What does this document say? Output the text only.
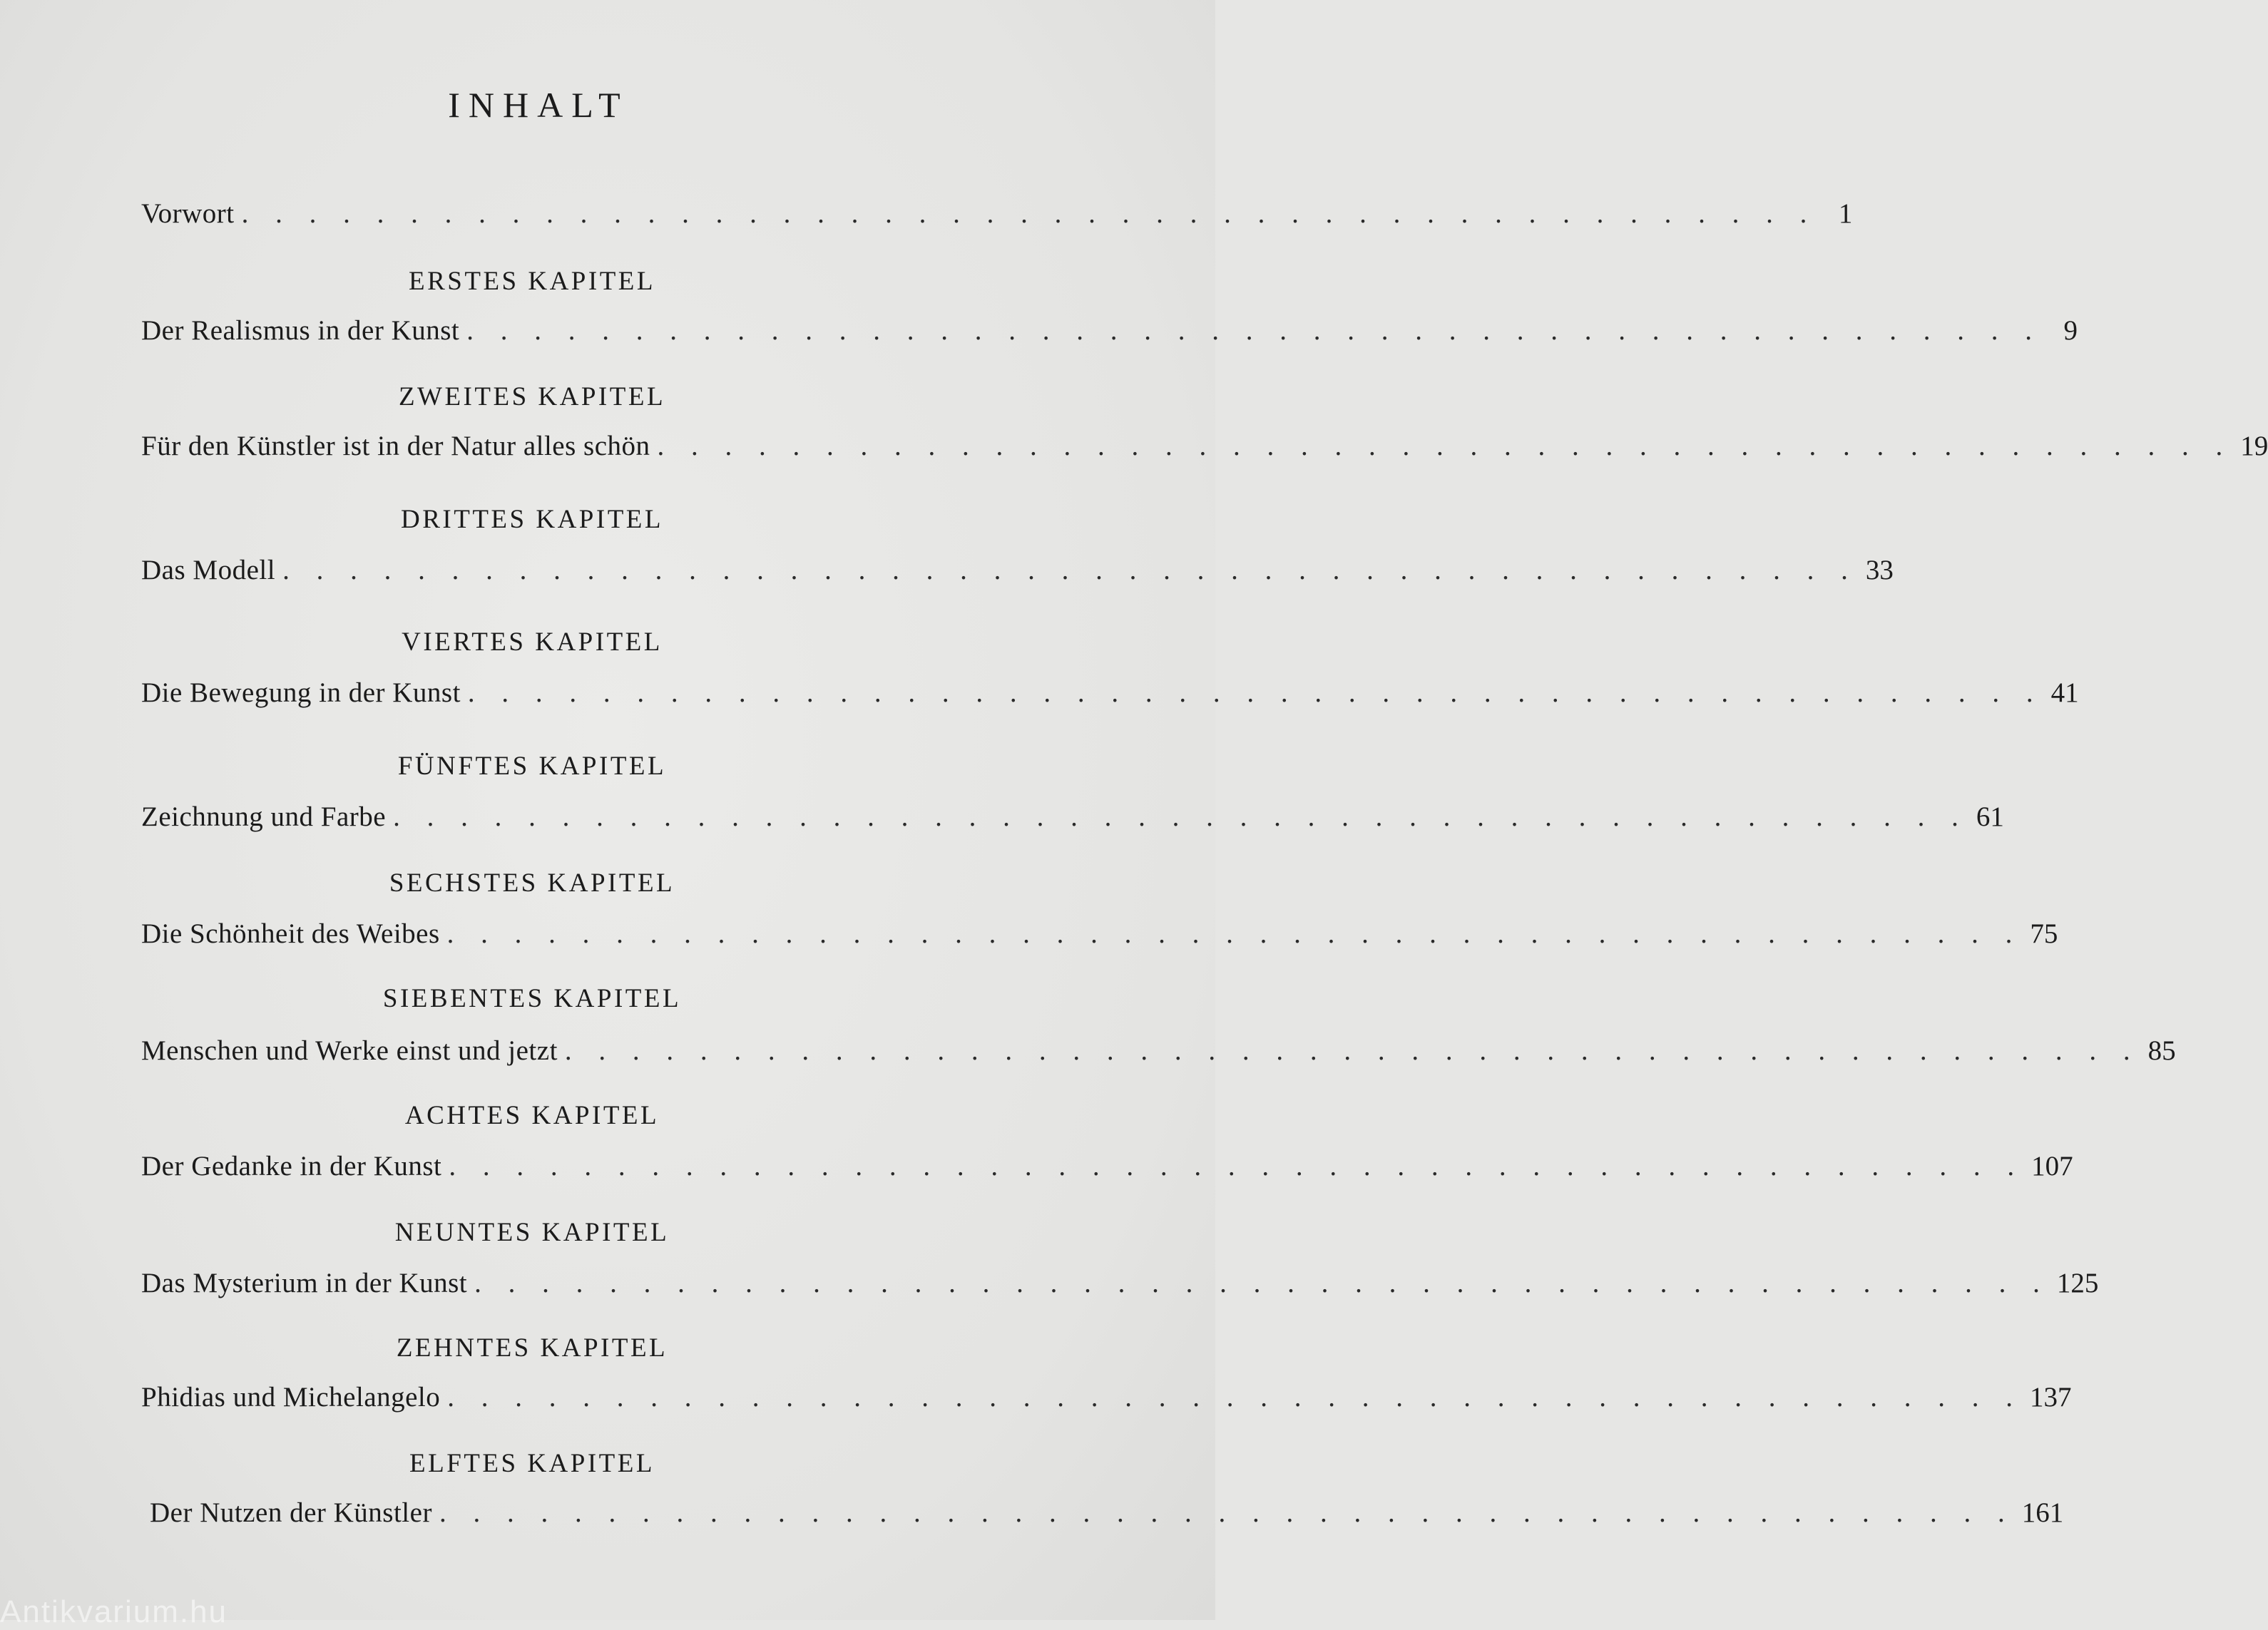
INHALT
Vorwort . . . . . . . . . . . . . . . . . . . . . . . . . . . . . . . . . . . . . . . . . . . . . . . 1
ERSTES KAPITEL
Der Realismus in der Kunst . . . . . . . . . . . . . . . . . . . . . . . . . . . . . . . . . . . . . . . . . . . . . . . 9
ZWEITES KAPITEL
Für den Künstler ist in der Natur alles schön . . . . . . . . . . . . . . . . . . . . . . . . . . . . . . . . . . . . . . . . . . . . . . . 19
DRITTES KAPITEL
Das Modell . . . . . . . . . . . . . . . . . . . . . . . . . . . . . . . . . . . . . . . . . . . . . . . 33
VIERTES KAPITEL
Die Bewegung in der Kunst . . . . . . . . . . . . . . . . . . . . . . . . . . . . . . . . . . . . . . . . . . . . . . . 41
FÜNFTES KAPITEL
Zeichnung und Farbe . . . . . . . . . . . . . . . . . . . . . . . . . . . . . . . . . . . . . . . . . . . . . . . 61
SECHSTES KAPITEL
Die Schönheit des Weibes . . . . . . . . . . . . . . . . . . . . . . . . . . . . . . . . . . . . . . . . . . . . . . . 75
SIEBENTES KAPITEL
Menschen und Werke einst und jetzt . . . . . . . . . . . . . . . . . . . . . . . . . . . . . . . . . . . . . . . . . . . . . . . 85
ACHTES KAPITEL
Der Gedanke in der Kunst . . . . . . . . . . . . . . . . . . . . . . . . . . . . . . . . . . . . . . . . . . . . . . . 107
NEUNTES KAPITEL
Das Mysterium in der Kunst . . . . . . . . . . . . . . . . . . . . . . . . . . . . . . . . . . . . . . . . . . . . . . . 125
ZEHNTES KAPITEL
Phidias und Michelangelo . . . . . . . . . . . . . . . . . . . . . . . . . . . . . . . . . . . . . . . . . . . . . . . 137
ELFTES KAPITEL
Der Nutzen der Künstler . . . . . . . . . . . . . . . . . . . . . . . . . . . . . . . . . . . . . . . . . . . . . . . 161
Antikvarium.hu
